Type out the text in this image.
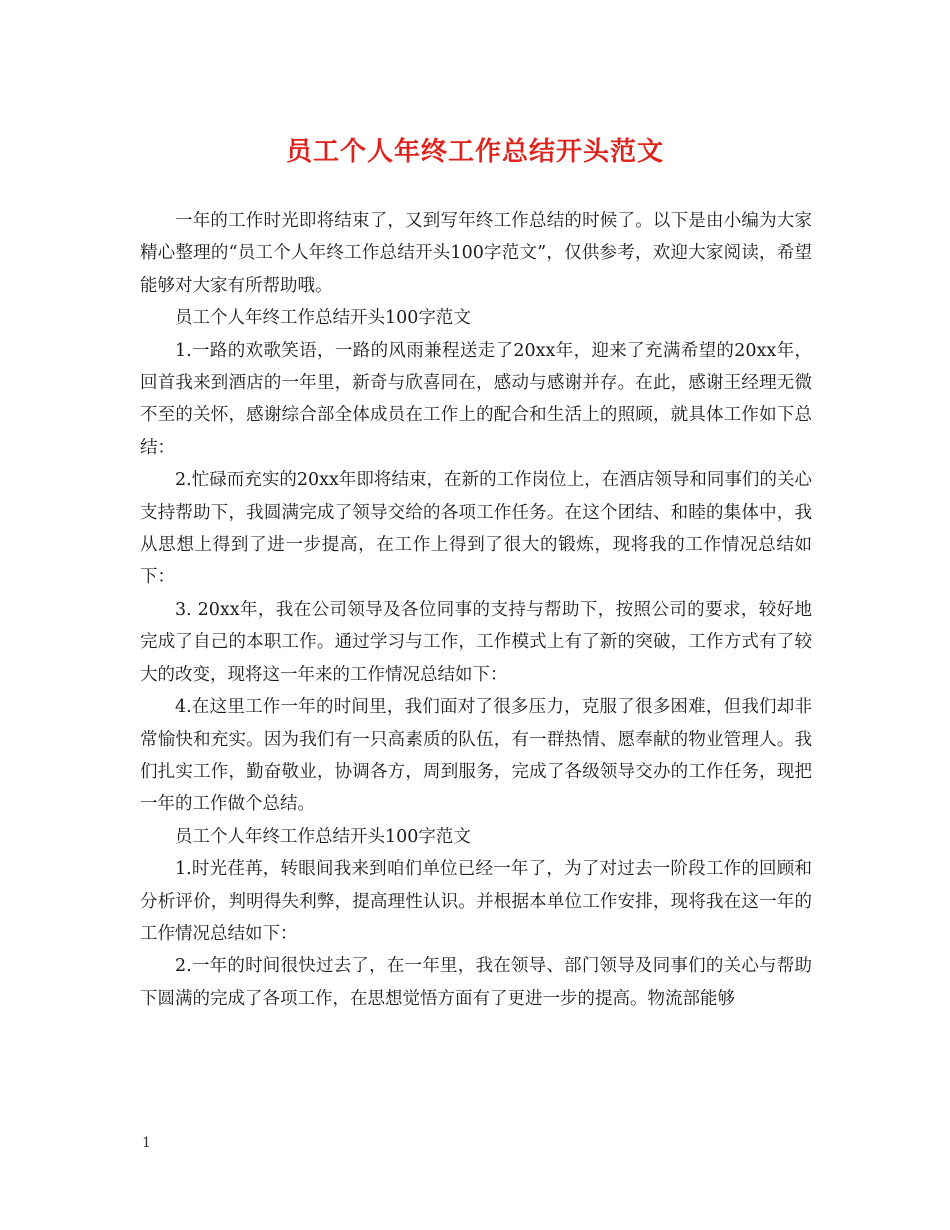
员工个人年终工作总结开头范文

一年的工作时光即将结束了，又到写年终工作总结的时候了。以下是由小编为大家精心整理的“员工个人年终工作总结开头100字范文”，仅供参考，欢迎大家阅读，希望能够对大家有所帮助哦。

员工个人年终工作总结开头100字范文

1.一路的欢歌笑语，一路的风雨兼程送走了20xx年，迎来了充满希望的20xx年，回首我来到酒店的一年里，新奇与欣喜同在，感动与感谢并存。在此，感谢王经理无微不至的关怀，感谢综合部全体成员在工作上的配合和生活上的照顾，就具体工作如下总结：

2.忙碌而充实的20xx年即将结束，在新的工作岗位上，在酒店领导和同事们的关心支持帮助下，我圆满完成了领导交给的各项工作任务。在这个团结、和睦的集体中，我从思想上得到了进一步提高，在工作上得到了很大的锻炼，现将我的工作情况总结如下：

3. 20xx年，我在公司领导及各位同事的支持与帮助下，按照公司的要求，较好地完成了自己的本职工作。通过学习与工作，工作模式上有了新的突破，工作方式有了较大的改变，现将这一年来的工作情况总结如下：

4.在这里工作一年的时间里，我们面对了很多压力，克服了很多困难，但我们却非常愉快和充实。因为我们有一只高素质的队伍，有一群热情、愿奉献的物业管理人。我们扎实工作，勤奋敬业，协调各方，周到服务，完成了各级领导交办的工作任务，现把一年的工作做个总结。

员工个人年终工作总结开头100字范文

1.时光荏苒，转眼间我来到咱们单位已经一年了，为了对过去一阶段工作的回顾和分析评价，判明得失利弊，提高理性认识。并根据本单位工作安排，现将我在这一年的工作情况总结如下：

2.一年的时间很快过去了，在一年里，我在领导、部门领导及同事们的关心与帮助下圆满的完成了各项工作，在思想觉悟方面有了更进一步的提高。物流部能够

1
